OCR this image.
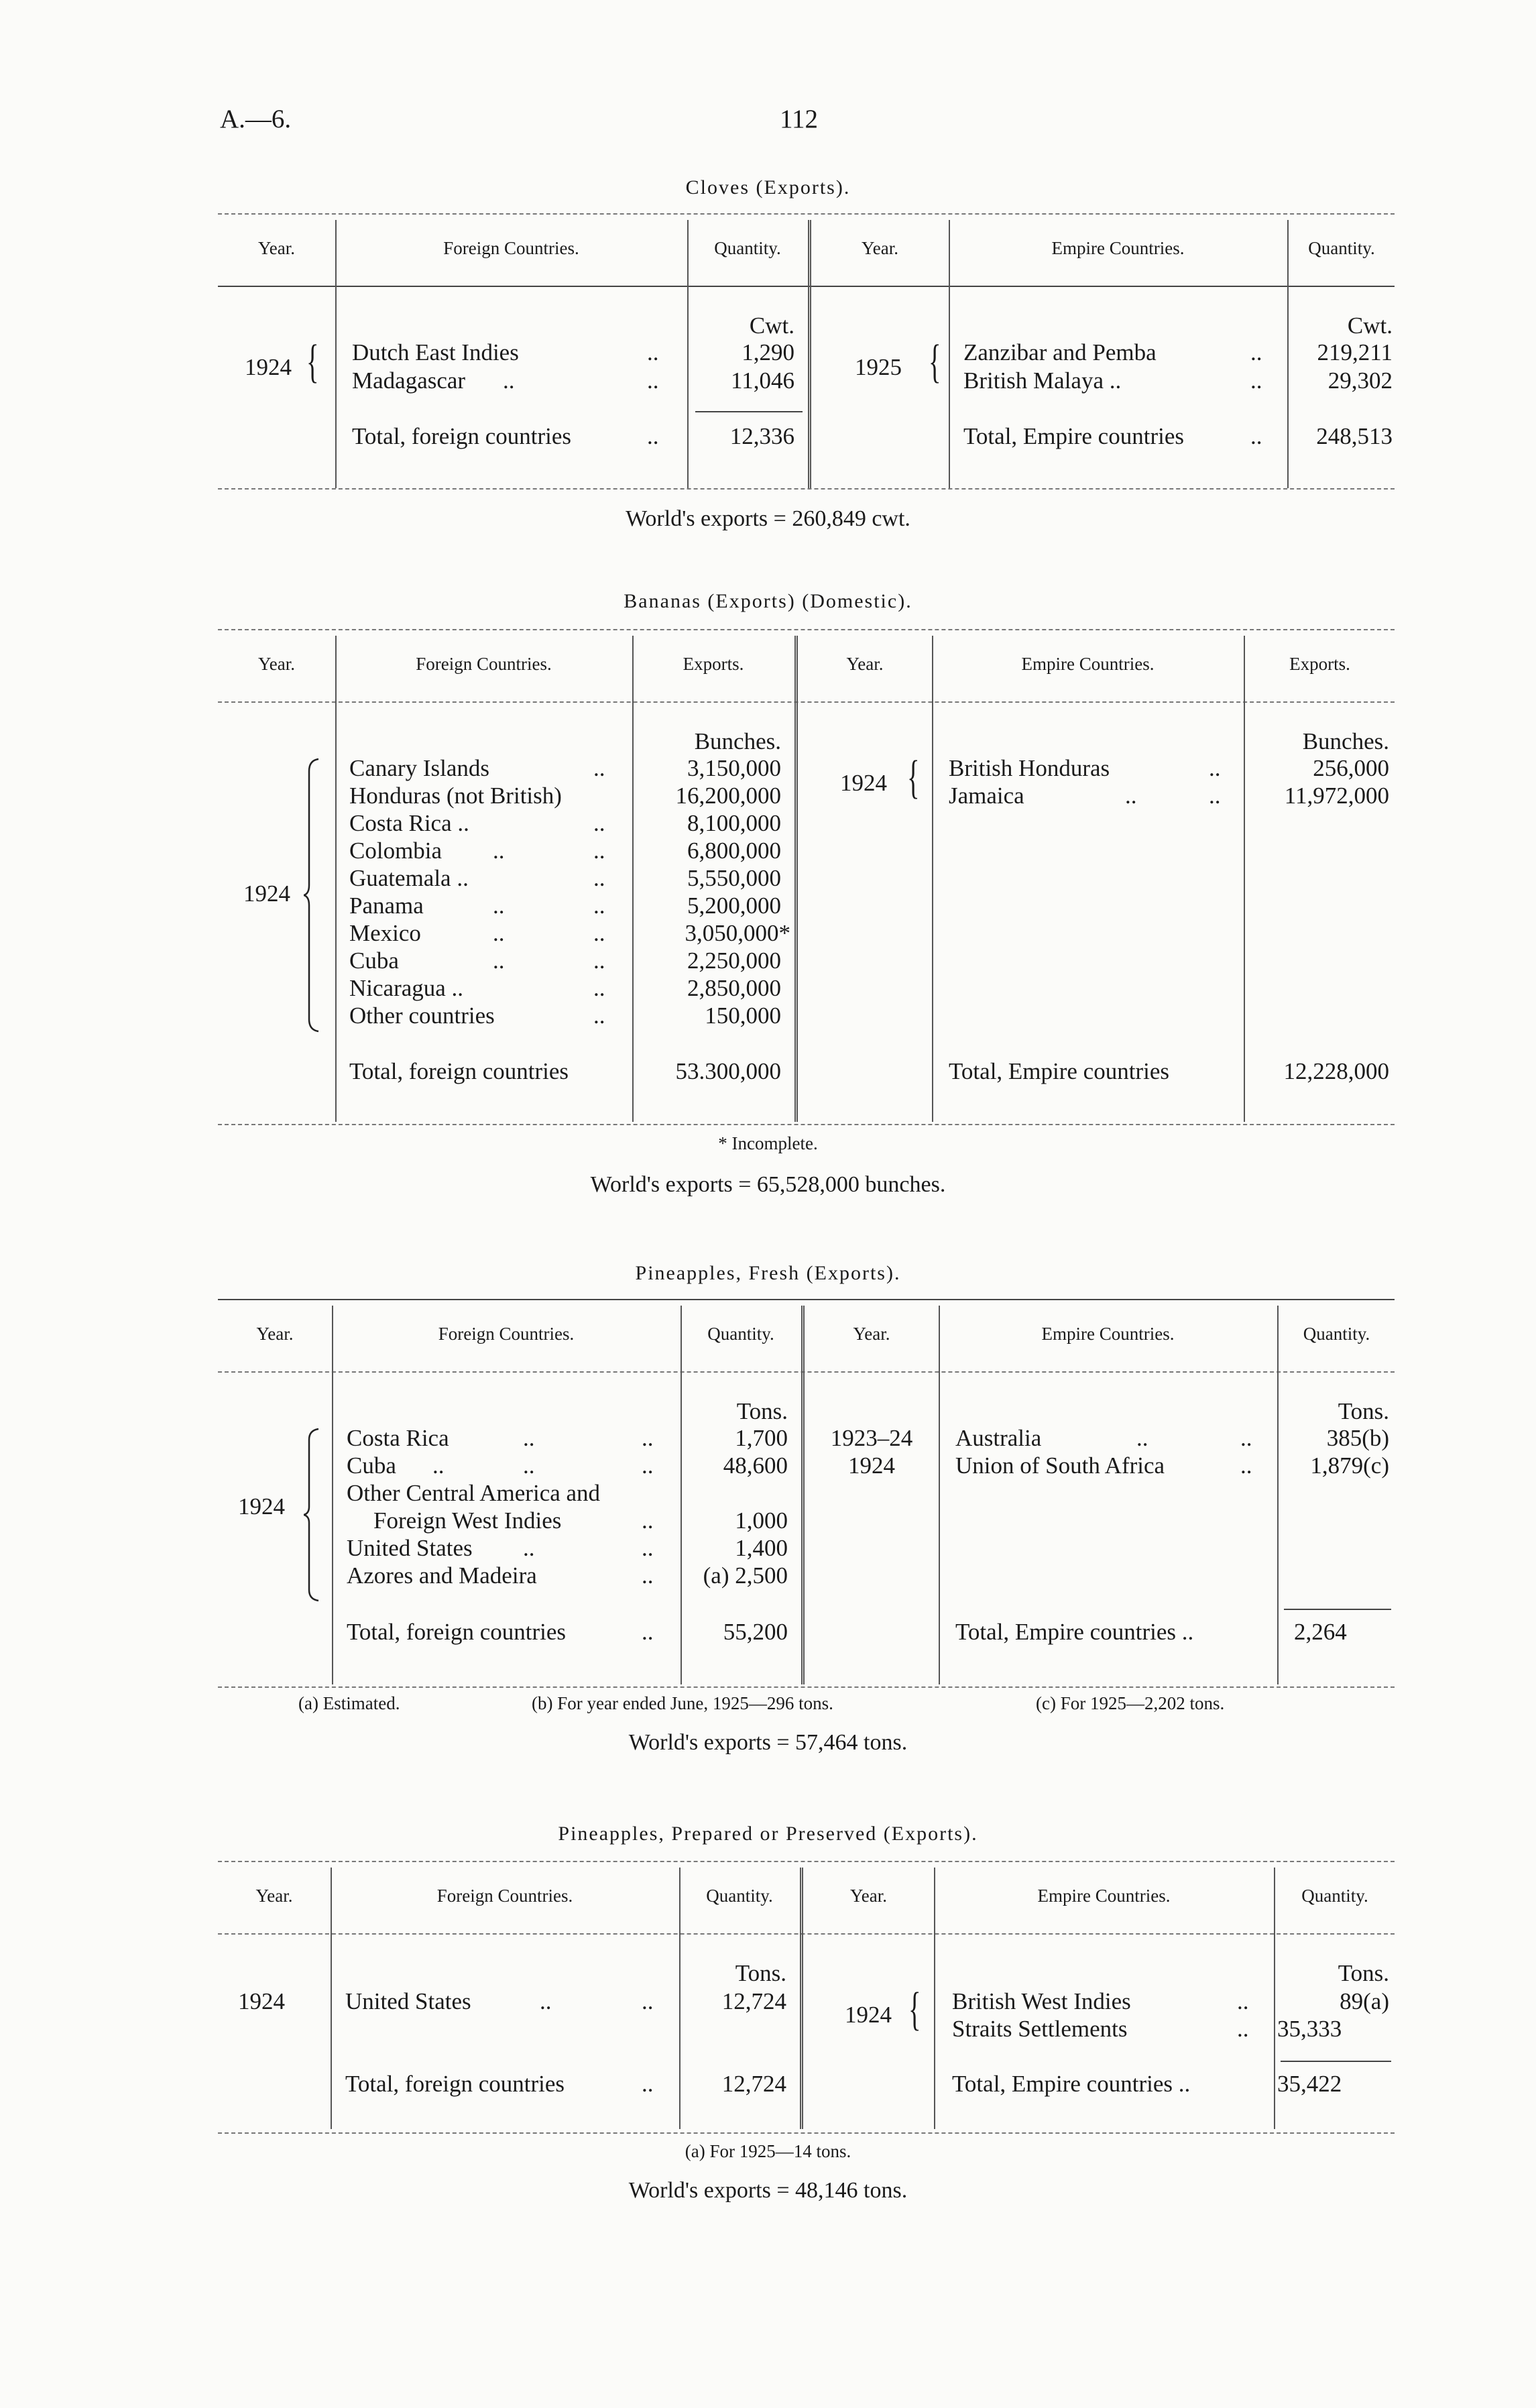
A.—6.	112
Cloves (Exports).
Year.	Foreign Countries.	Quantity.	Year.	Empire Countries.	Quantity.
Cwt.
1924 { Dutch East Indies	..	1,290
Madagascar ..	..	11,046
Total, foreign countries	..	12,336
Cwt.
1925 { Zanzibar and Pemba	..	219,211
British Malaya ..	..	29,302
Total, Empire countries	..	248,513
World's exports = 260,849 cwt.
Bananas (Exports) (Domestic).
Year.	Foreign Countries.	Exports.	Year.	Empire Countries.	Exports.
Bunches.
1924
Canary Islands	..	3,150,000
Honduras (not British)	16,200,000
Costa Rica ..	..	8,100,000
Colombia ..	..	6,800,000
Guatemala ..	..	5,550,000
Panama	..	..	5,200,000
Mexico	..	..	3,050,000*
Cuba	..	..	2,250,000
Nicaragua ..	..	2,850,000
Other countries	..	150,000
Total, foreign countries	53.300,000
Bunches.
1924 { British Honduras	..	256,000
Jamaica	..	..	11,972,000
Total, Empire countries	12,228,000
* Incomplete.
World's exports = 65,528,000 bunches.
Pineapples, Fresh (Exports).
Year.	Foreign Countries.	Quantity.	Year.	Empire Countries.	Quantity.
Tons.
1924
Costa Rica	..	..	1,700
Cuba ..	..	..	48,600
Other Central America and
Foreign West Indies	..	1,000
United States ..	..	1,400
Azores and Madeira	..	(a) 2,500
Total, foreign countries	..	55,200
Tons.
1923–24	Australia	..	..	385(b)
1924	Union of South Africa	..	1,879(c)
Total, Empire countries ..	2,264
(a) Estimated.	(b) For year ended June, 1925—296 tons.	(c) For 1925—2,202 tons.
World's exports = 57,464 tons.
Pineapples, Prepared or Preserved (Exports).
Year.	Foreign Countries.	Quantity.	Year.	Empire Countries.	Quantity.
Tons.
1924	United States	..	..	12,724
Total, foreign countries	..	12,724
Tons.
1924 { British West Indies	..	89(a)
Straits Settlements	.. 35,333
Total, Empire countries ..	35,422
(a) For 1925—14 tons.
World's exports = 48,146 tons.
